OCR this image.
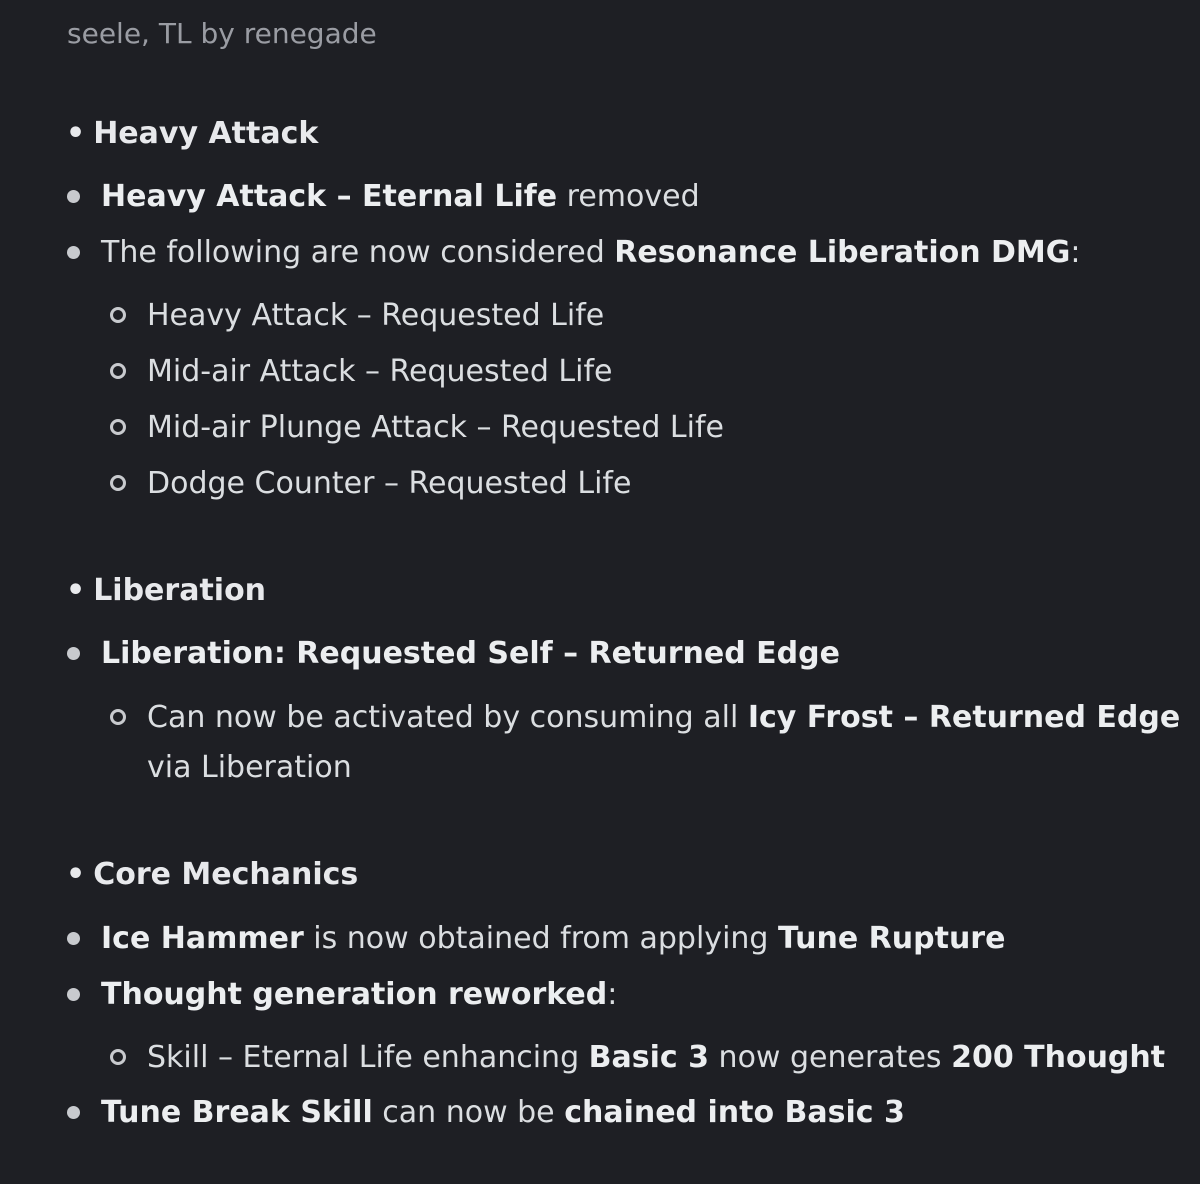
seele, TL by renegade
• Heavy Attack
Heavy Attack – Eternal Life removed
The following are now considered Resonance Liberation DMG:
Heavy Attack – Requested Life
Mid-air Attack – Requested Life
Mid-air Plunge Attack – Requested Life
Dodge Counter – Requested Life
• Liberation
Liberation: Requested Self – Returned Edge
Can now be activated by consuming all Icy Frost – Returned Edge
via Liberation
• Core Mechanics
Ice Hammer is now obtained from applying Tune Rupture
Thought generation reworked:
Skill – Eternal Life enhancing Basic 3 now generates 200 Thought
Tune Break Skill can now be chained into Basic 3
